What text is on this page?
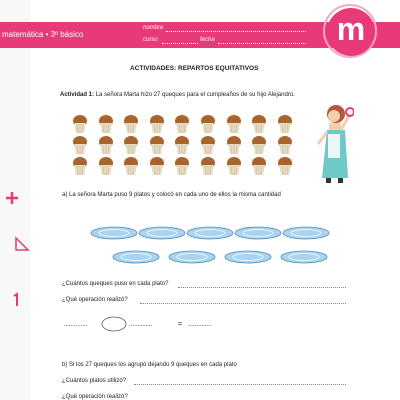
matemática • 3º básico
nombre
curso	fecha	m
ACTIVIDADES: REPARTOS EQUITATIVOS
Actividad 1: La señora Marta hizo 27 queques para el cumpleaños de su hijo Alejandro.
a) La señora Marta puso 9 platos y colocó en cada uno de ellos la misma cantidad
¿Cuántos queques puso en cada plato?
¿Qué operación realizó?
..............	..............	= ..............
b) Si los 27 queques los agrupó dejando 9 queques en cada plato
¿Cuántos platos utilizó?
¿Qué operación realizó?
